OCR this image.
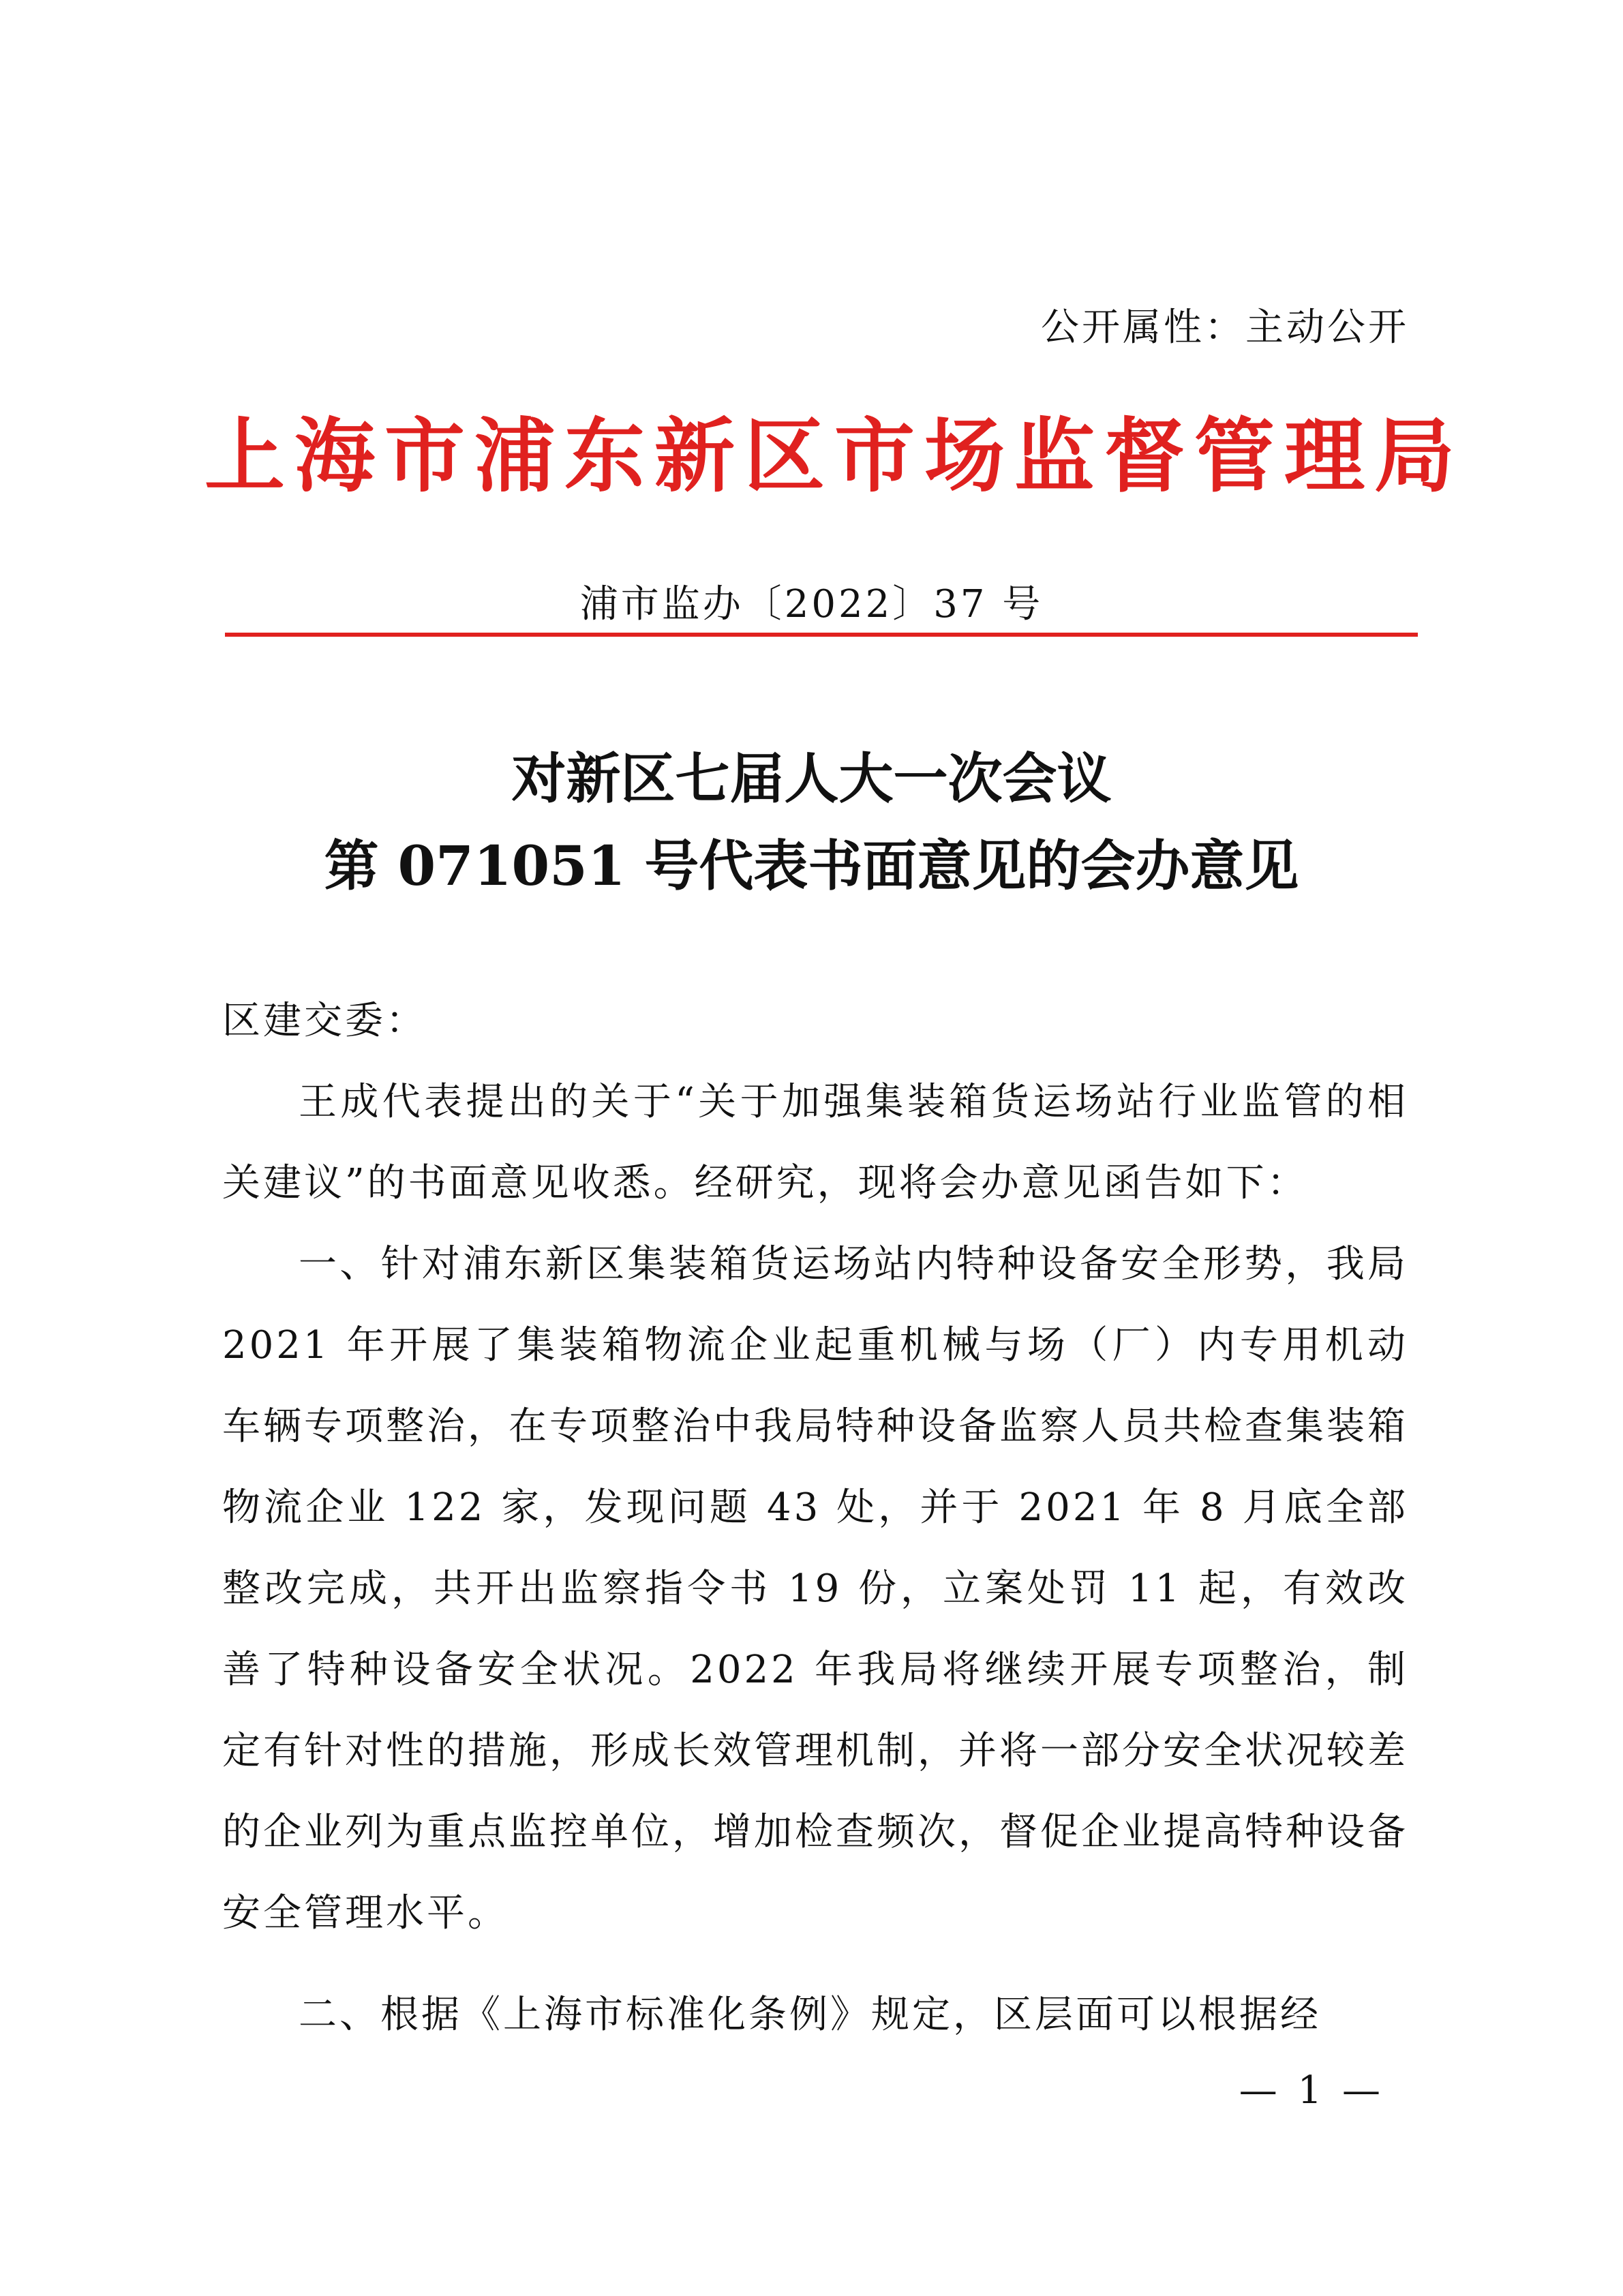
公开属性：主动公开
上海市浦东新区市场监督管理局
浦市监办〔2022〕37 号
对新区七届人大一次会议
第 071051 号代表书面意见的会办意见

区建交委：

王成代表提出的关于“关于加强集装箱货运场站行业监管的相关建议”的书面意见收悉。经研究，现将会办意见函告如下：

一、针对浦东新区集装箱货运场站内特种设备安全形势，我局 2021 年开展了集装箱物流企业起重机械与场（厂）内专用机动车辆专项整治，在专项整治中我局特种设备监察人员共检查集装箱物流企业 122 家，发现问题 43 处，并于 2021 年 8 月底全部整改完成，共开出监察指令书 19 份，立案处罚 11 起，有效改善了特种设备安全状况。2022 年我局将继续开展专项整治，制定有针对性的措施，形成长效管理机制，并将一部分安全状况较差的企业列为重点监控单位，增加检查频次，督促企业提高特种设备安全管理水平。

二、根据《上海市标准化条例》规定，区层面可以根据经

— 1 —
